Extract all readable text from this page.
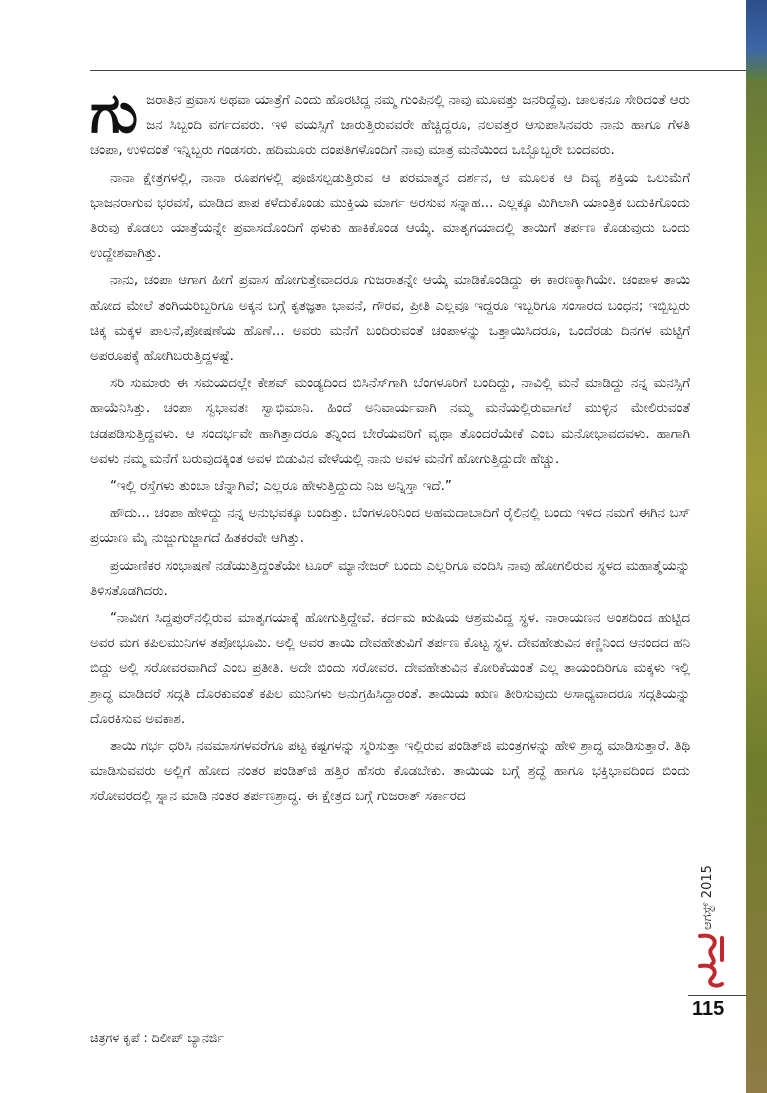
ಗು ಜರಾತಿನ ಪ್ರವಾಸ ಅಥವಾ ಯಾತ್ರೆಗೆ ಎಂದು ಹೊರಟಿದ್ದ ನಮ್ಮ ಗುಂಪಿನಲ್ಲಿ ನಾವು ಮೂವತ್ತು ಜನರಿದ್ದೆವು. ಚಾಲಕನೂ ಸೇರಿದಂತೆ ಆರು ಜನ ಸಿಬ್ಬಂದಿ ವರ್ಗದವರು. ಇಳಿ ವಯಸ್ಸಿಗೆ ಜಾರುತ್ತಿರುವವರೇ ಹೆಚ್ಚಿದ್ದರೂ, ನಲವತ್ತರ ಆಸುಪಾಸಿನವರು ನಾನು ಹಾಗೂ ಗೆಳತಿ ಚಂಪಾ, ಉಳಿದಂತೆ ಇನ್ನಿಬ್ಬರು ಗಂಡಸರು. ಹದಿಮೂರು ದಂಪತಿಗಳೊಂದಿಗೆ ನಾವು ಮಾತ್ರ ಮನೆಯಿಂದ ಒಬ್ಬೊಬ್ಬರೇ ಬಂದವರು.

ನಾನಾ ಕ್ಷೇತ್ರಗಳಲ್ಲಿ, ನಾನಾ ರೂಪಗಳಲ್ಲಿ ಪೂಜಿಸಲ್ಪಡುತ್ತಿರುವ ಆ ಪರಮಾತ್ಮನ ದರ್ಶನ, ಆ ಮೂಲಕ ಆ ದಿವ್ಯ ಶಕ್ತಿಯ ಒಲುಮೆಗೆ ಭಾಜನರಾಗುವ ಭರವಸೆ, ಮಾಡಿದ ಪಾಪ ಕಳೆದುಕೊಂಡು ಮುಕ್ತಿಯ ಮಾರ್ಗ ಅರಸುವ ಸನ್ನಾಹ... ಎಲ್ಲಕ್ಕೂ ಮಿಗಿಲಾಗಿ ಯಾಂತ್ರಿಕ ಬದುಕಿಗೊಂದು ತಿರುವು ಕೊಡಲು ಯಾತ್ರೆಯನ್ನೇ ಪ್ರವಾಸದೊಂದಿಗೆ ಥಳುಕು ಹಾಕಿಕೊಂಡ ಆಯ್ಕೆ. ಮಾತೃಗಯಾದಲ್ಲಿ ತಾಯಿಗೆ ತರ್ಪಣ ಕೊಡುವುದು ಒಂದು ಉದ್ದೇಶವಾಗಿತ್ತು.

ನಾನು, ಚಂಪಾ ಆಗಾಗ ಹೀಗೆ ಪ್ರವಾಸ ಹೋಗುತ್ತೇವಾದರೂ ಗುಜರಾತನ್ನೇ ಆಯ್ಕೆ ಮಾಡಿಕೊಂಡಿದ್ದು ಈ ಕಾರಣಕ್ಕಾಗಿಯೇ. ಚಂಪಾಳ ತಾಯಿ ಹೋದ ಮೇಲೆ ತಂಗಿಯರಿಬ್ಬರಿಗೂ ಅಕ್ಕನ ಬಗ್ಗೆ ಕೃತಜ್ಞತಾ ಭಾವನೆ, ಗೌರವ, ಪ್ರೀತಿ ಎಲ್ಲವೂ ಇದ್ದರೂ ಇಬ್ಬರಿಗೂ ಸಂಸಾರದ ಬಂಧನ; ಇಬ್ಬಿಬ್ಬರು ಚಿಕ್ಕ ಮಕ್ಕಳ ಪಾಲನೆ,ಪೋಷಣೆಯ ಹೊಣೆ... ಅವರು ಮನೆಗೆ ಬಂದಿರುವಂತೆ ಚಂಪಾಳನ್ನು ಒತ್ತಾಯಿಸಿದರೂ, ಒಂದೆರಡು ದಿನಗಳ ಮಟ್ಟಿಗೆ ಅಪರೂಪಕ್ಕೆ ಹೋಗಿಬರುತ್ತಿದ್ದಳಷ್ಟೆ.

ಸರಿ ಸುಮಾರು ಈ ಸಮಯದಲ್ಲೇ ಕೇಶವ್ ಮಂಡ್ಯದಿಂದ ಬಿಸಿನೆಸ್‌ಗಾಗಿ ಬೆಂಗಳೂರಿಗೆ ಬಂದಿದ್ದು, ನಾವಿಲ್ಲಿ ಮನೆ ಮಾಡಿದ್ದು ನನ್ನ ಮನಸ್ಸಿಗೆ ಹಾಯೆನಿಸಿತ್ತು. ಚಂಪಾ ಸ್ವಭಾವತಃ ಸ್ವಾಭಿಮಾನಿ. ಹಿಂದೆ ಅನಿವಾರ್ಯವಾಗಿ ನಮ್ಮ ಮನೆಯಲ್ಲಿರುವಾಗಲೆ ಮುಳ್ಳಿನ ಮೇಲಿರುವಂತೆ ಚಡಪಡಿಸುತ್ತಿದ್ದವಳು. ಆ ಸಂದರ್ಭವೇ ಹಾಗಿತ್ತಾದರೂ ತನ್ನಿಂದ ಬೇರೆಯವರಿಗೆ ವೃಥಾ ತೊಂದರೆಯೇಕೆ ಎಂಬ ಮನೋಭಾವದವಳು. ಹಾಗಾಗಿ ಅವಳು ನಮ್ಮ ಮನೆಗೆ ಬರುವುದಕ್ಕಿಂತ ಅವಳ ಬಿಡುವಿನ ವೇಳೆಯಲ್ಲಿ ನಾನು ಅವಳ ಮನೆಗೆ ಹೋಗುತ್ತಿದ್ದುದೇ ಹೆಚ್ಚು.

“ಇಲ್ಲಿ ರಸ್ತೆಗಳು ತುಂಬಾ ಚೆನ್ನಾಗಿವೆ; ಎಲ್ಲರೂ ಹೇಳುತ್ತಿದ್ದುದು ನಿಜ ಅನ್ನಿಸ್ತಾ ಇದೆ.”

ಹೌದು... ಚಂಪಾ ಹೇಳಿದ್ದು ನನ್ನ ಅನುಭವಕ್ಕೂ ಬಂದಿತ್ತು. ಬೆಂಗಳೂರಿನಿಂದ ಅಹಮದಾಬಾದಿಗೆ ರೈಲಿನಲ್ಲಿ ಬಂದು ಇಳಿದ ನಮಗೆ ಈಗಿನ ಬಸ್ ಪ್ರಯಾಣ ಮೈ ನುಜ್ಜುಗುಜ್ಜಾಗದೆ ಹಿತಕರವೇ ಆಗಿತ್ತು.

ಪ್ರಯಾಣಿಕರ ಸಂಭಾಷಣೆ ನಡೆಯುತ್ತಿದ್ದಂತೆಯೇ ಟೂರ್ ಮ್ಯಾನೇಜರ್ ಬಂದು ಎಲ್ಲರಿಗೂ ವಂದಿಸಿ ನಾವು ಹೋಗಲಿರುವ ಸ್ಥಳದ ಮಹಾತ್ಮೆಯನ್ನು ತಿಳಿಸತೊಡಗಿದರು.

“ನಾವೀಗ ಸಿದ್ದಪುರ್‌ನಲ್ಲಿರುವ ಮಾತೃಗಯಾಕ್ಕೆ ಹೋಗುತ್ತಿದ್ದೇವೆ. ಕರ್ದಮ ಋಷಿಯ ಆಶ್ರಮವಿದ್ದ ಸ್ಥಳ. ನಾರಾಯಣನ ಅಂಶದಿಂದ ಹುಟ್ಟಿದ ಅವರ ಮಗ ಕಪಿಲಮುನಿಗಳ ತಪೋಭೂಮಿ. ಅಲ್ಲಿ ಅವರ ತಾಯಿ ದೇವಹೇತುವಿಗೆ ತರ್ಪಣ ಕೊಟ್ಟ ಸ್ಥಳ. ದೇವಹೇತುವಿನ ಕಣ್ಣಿನಿಂದ ಆನಂದದ ಹನಿ ಬಿದ್ದು ಅಲ್ಲಿ ಸರೋವರವಾಗಿದೆ ಎಂಬ ಪ್ರತೀತಿ. ಅದೇ ಬಿಂದು ಸರೋವರ. ದೇವಹೇತುವಿನ ಕೋರಿಕೆಯಂತೆ ಎಲ್ಲ ತಾಯಂದಿರಿಗೂ ಮಕ್ಕಳು ಇಲ್ಲಿ ಶ್ರಾದ್ಧ ಮಾಡಿದರೆ ಸದ್ಗತಿ ದೊರಕುವಂತೆ ಕಪಿಲ ಮುನಿಗಳು ಅನುಗ್ರಹಿಸಿದ್ದಾರಂತೆ. ತಾಯಿಯ ಋಣ ತೀರಿಸುವುದು ಅಸಾಧ್ಯವಾದರೂ ಸದ್ಗತಿಯನ್ನು ದೊರಕಿಸುವ ಅವಕಾಶ.

ತಾಯಿ ಗರ್ಭ ಧರಿಸಿ ನವಮಾಸಗಳವರೆಗೂ ಪಟ್ಟ ಕಷ್ಟಗಳನ್ನು ಸ್ಮರಿಸುತ್ತಾ ಇಲ್ಲಿರುವ ಪಂಡಿತ್‌ಜಿ ಮಂತ್ರಗಳನ್ನು ಹೇಳಿ ಶ್ರಾದ್ಧ ಮಾಡಿಸುತ್ತಾರೆ. ತಿಥಿ ಮಾಡಿಸುವವರು ಅಲ್ಲಿಗೆ ಹೋದ ನಂತರ ಪಂಡಿತ್‌ಜಿ ಹತ್ತಿರ ಹೆಸರು ಕೊಡಬೇಕು. ತಾಯಿಯ ಬಗ್ಗೆ ಶ್ರದ್ಧೆ ಹಾಗೂ ಭಕ್ತಿಭಾವದಿಂದ ಬಿಂದು ಸರೋವರದಲ್ಲಿ ಸ್ನಾನ ಮಾಡಿ ನಂತರ ತರ್ಪಣಶ್ರಾದ್ಧ. ಈ ಕ್ಷೇತ್ರದ ಬಗ್ಗೆ ಗುಜರಾತ್ ಸರ್ಕಾರದ

ಆಗಸ್ಟ್ 2015
115
ಚಿತ್ರಗಳ ಕೃಪೆ : ದಿಲೀಪ್ ಬ್ಯಾನರ್ಜಿ
